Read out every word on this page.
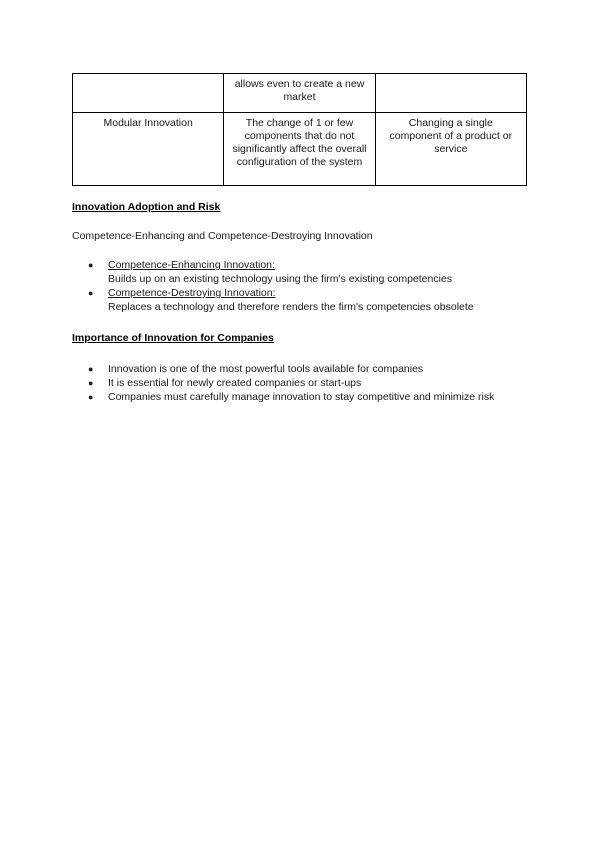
	allows even to create a new market	
Modular Innovation	The change of 1 or few components that do not significantly affect the overall configuration of the system	Changing a single component of a product or service
Innovation Adoption and Risk
Competence-Enhancing and Competence-Destroying Innovation
● Competence-Enhancing Innovation:
Builds up on an existing technology using the firm's existing competencies
● Competence-Destroying Innovation:
Replaces a technology and therefore renders the firm's competencies obsolete
Importance of Innovation for Companies
● Innovation is one of the most powerful tools available for companies
● It is essential for newly created companies or start-ups
● Companies must carefully manage innovation to stay competitive and minimize risk
